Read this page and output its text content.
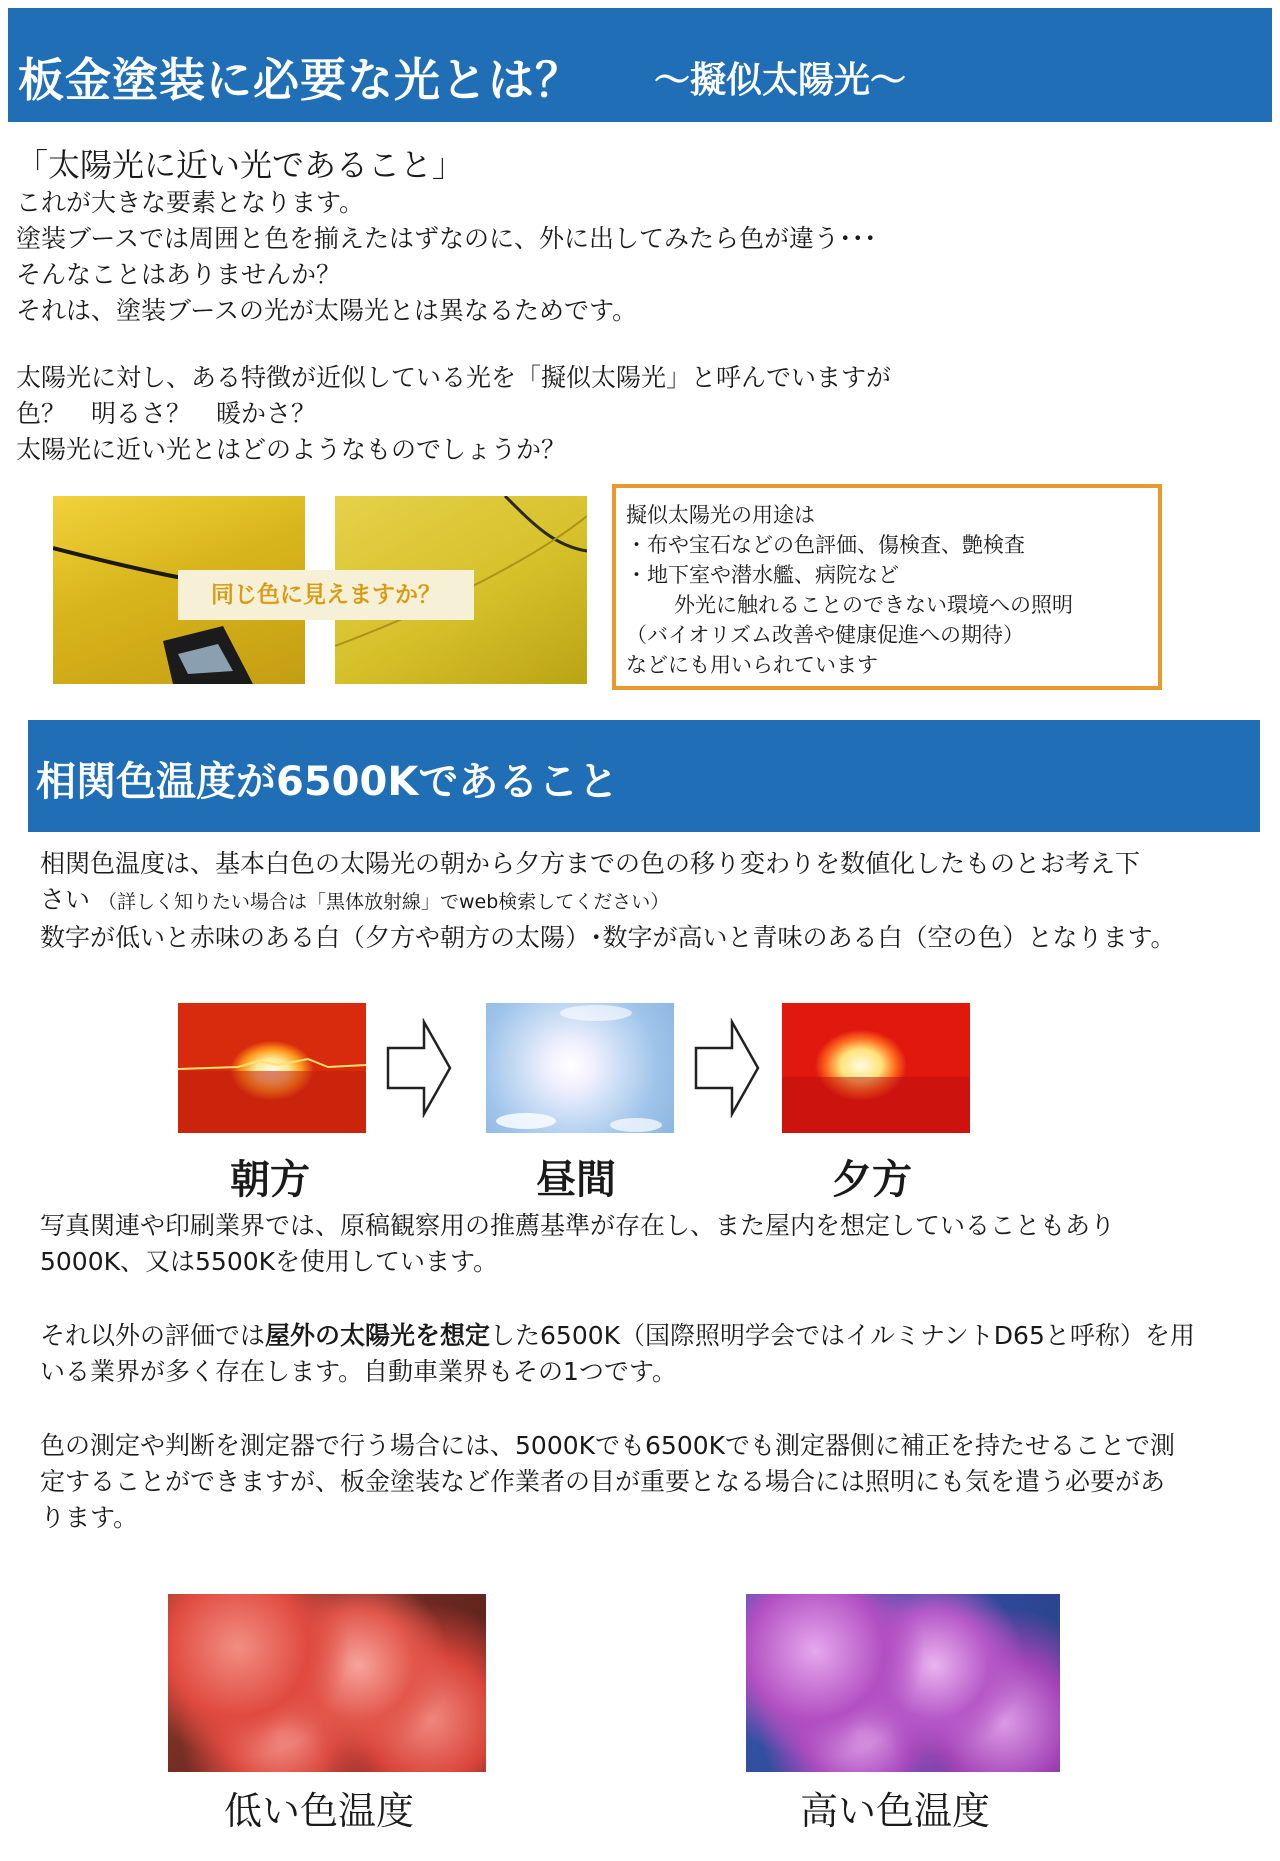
板金塗装に必要な光とは？ ～擬似太陽光～
「太陽光に近い光であること」
これが大きな要素となります。
塗装ブースでは周囲と色を揃えたはずなのに、外に出してみたら色が違う･･･
そんなことはありませんか？
それは、塗装ブースの光が太陽光とは異なるためです。
太陽光に対し、ある特徴が近似している光を「擬似太陽光」と呼んでいますが
色？　明るさ？　暖かさ？
太陽光に近い光とはどのようなものでしょうか？
同じ色に見えますか？
擬似太陽光の用途は
・布や宝石などの色評価、傷検査、艶検査
・地下室や潜水艦、病院など
外光に触れることのできない環境への照明
（バイオリズム改善や健康促進への期待）
などにも用いられています
相関色温度が6500Kであること
相関色温度は、基本白色の太陽光の朝から夕方までの色の移り変わりを数値化したものとお考え下
さい （詳しく知りたい場合は「黒体放射線」でweb検索してください）
数字が低いと赤味のある白（夕方や朝方の太陽）･数字が高いと青味のある白（空の色）となります。
朝方	昼間	夕方
写真関連や印刷業界では、原稿観察用の推薦基準が存在し、また屋内を想定していることもあり
5000K、又は5500Kを使用しています。
それ以外の評価では屋外の太陽光を想定した6500K（国際照明学会ではイルミナントD65と呼称）を用
いる業界が多く存在します。自動車業界もその1つです。
色の測定や判断を測定器で行う場合には、5000Kでも6500Kでも測定器側に補正を持たせることで測
定することができますが、板金塗装など作業者の目が重要となる場合には照明にも気を遣う必要があ
ります。
低い色温度	高い色温度
